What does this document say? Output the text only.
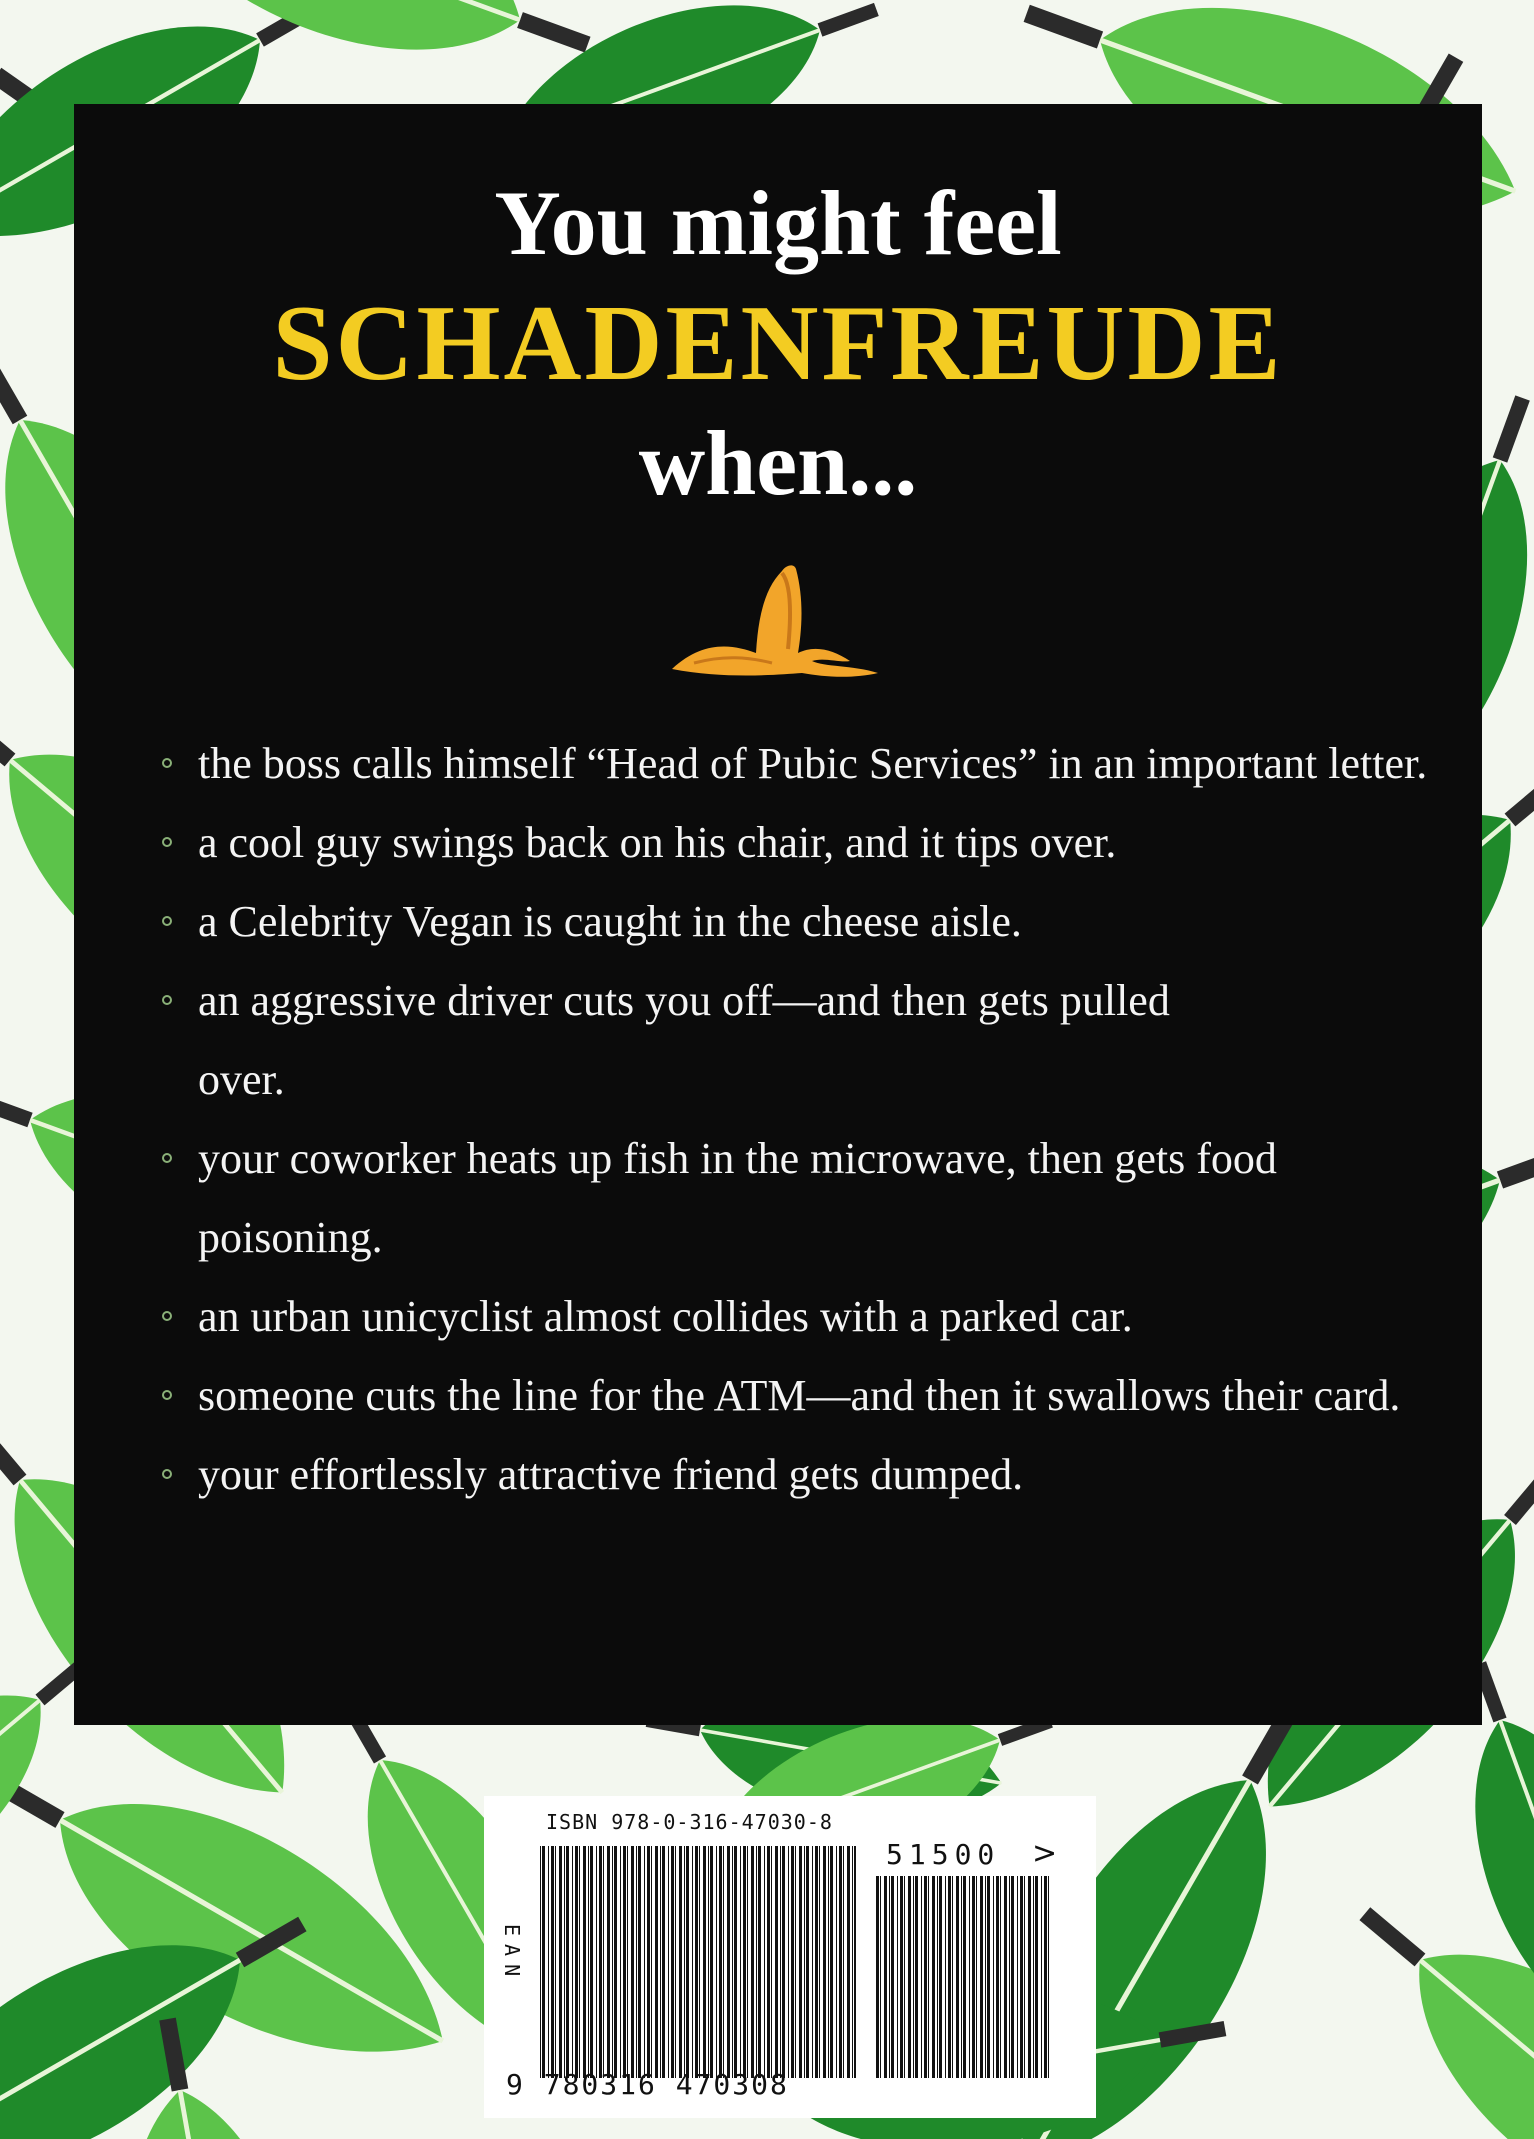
You might feel
SCHADENFREUDE
when...
the boss calls himself “Head of Pubic Services” in an important letter.
a cool guy swings back on his chair, and it tips over.
a Celebrity Vegan is caught in the cheese aisle.
an aggressive driver cuts you off—and then gets pulled over.
your coworker heats up fish in the microwave, then gets food poisoning.
an urban unicyclist almost collides with a parked car.
someone cuts the line for the ATM—and then it swallows their card.
your effortlessly attractive friend gets dumped.
ISBN 978-0-316-47030-8
51500 >
EAN
9 780316 470308
